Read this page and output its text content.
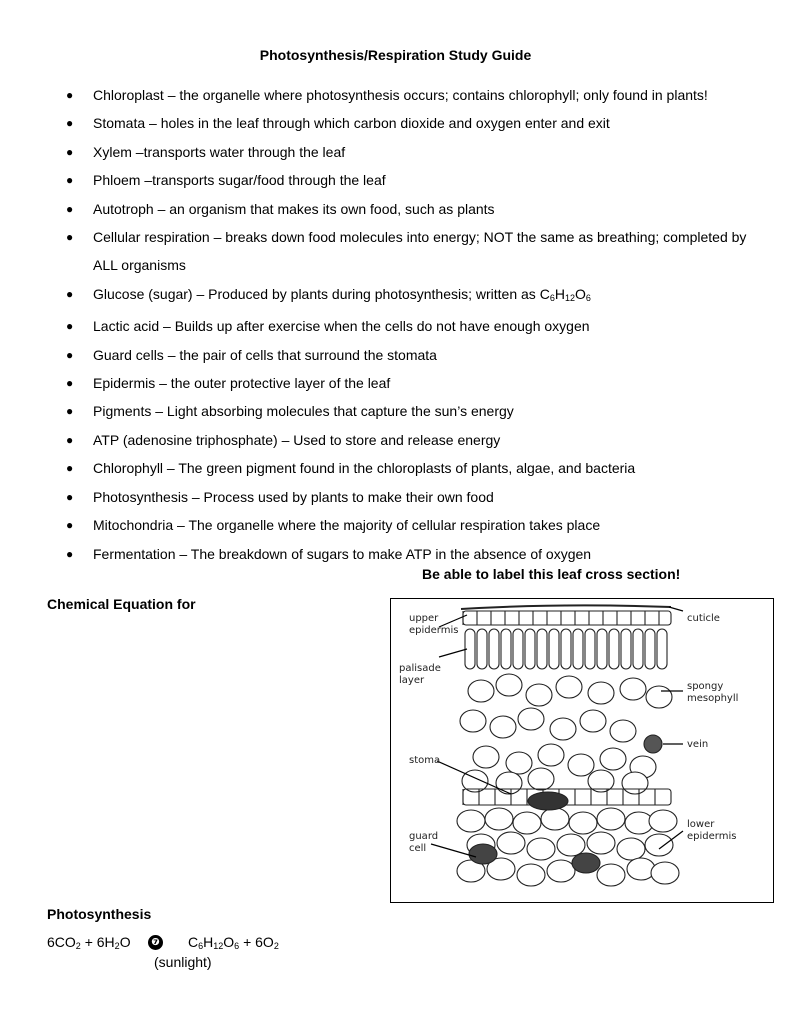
Photosynthesis/Respiration Study Guide
● Chloroplast – the organelle where photosynthesis occurs; contains chlorophyll; only found in plants!
● Stomata – holes in the leaf through which carbon dioxide and oxygen enter and exit
● Xylem –transports water through the leaf
● Phloem –transports sugar/food through the leaf
● Autotroph – an organism that makes its own food, such as plants
● Cellular respiration – breaks down food molecules into energy; NOT the same as breathing; completed by ALL organisms
● Glucose (sugar) – Produced by plants during photosynthesis; written as $C_6H_{12}O_6$
● Lactic acid – Builds up after exercise when the cells do not have enough oxygen
● Guard cells – the pair of cells that surround the stomata
● Epidermis – the outer protective layer of the leaf
● Pigments – Light absorbing molecules that capture the sun’s energy
● ATP (adenosine triphosphate) – Used to store and release energy
● Chlorophyll – The green pigment found in the chloroplasts of plants, algae, and bacteria
● Photosynthesis – Process used by plants to make their own food
● Mitochondria – The organelle where the majority of cellular respiration takes place
● Fermentation – The breakdown of sugars to make ATP in the absence of oxygen
Be able to label this leaf cross section!
Chemical Equation for
upper
epidermis
palisade
layer
stoma
guard
cell
cuticle
spongy
mesophyll
vein
lower
epidermis
Photosynthesis
$6CO_2 + 6H_2O$	❼ $C_6H_{12}O_6 + 6O_2$
(sunlight)
